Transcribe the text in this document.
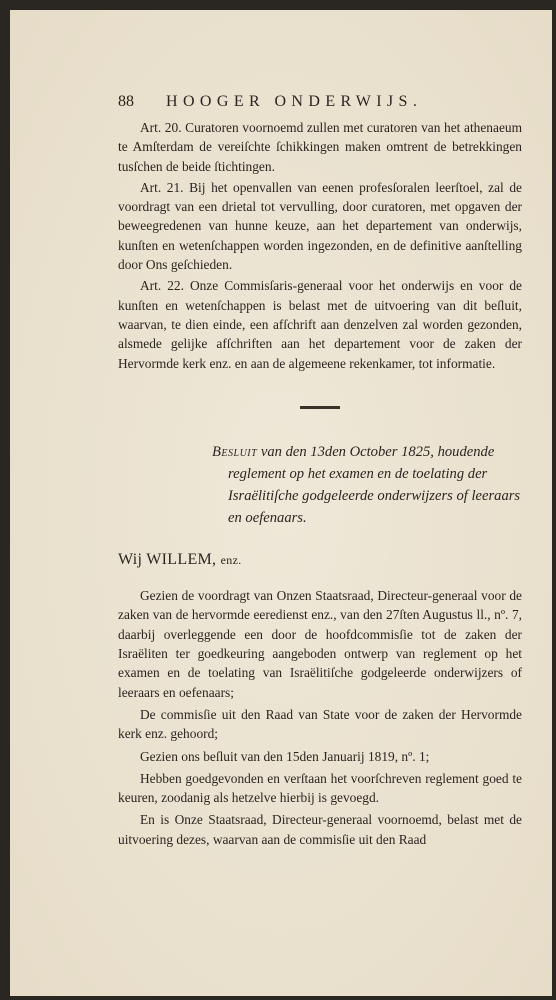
88	HOOGER ONDERWIJS.

Art. 20. Curatoren voornoemd zullen met curatoren van het athenaeum te Amſterdam de vereiſchte ſchikkingen maken omtrent de betrekkingen tusſchen de beide ſtichtingen.

Art. 21. Bij het openvallen van eenen profesſoralen leerſtoel, zal de voordragt van een drietal tot vervulling, door curatoren, met opgaven der beweegredenen van hunne keuze, aan het departement van onderwijs, kunſten en wetenſchappen worden ingezonden, en de definitive aanſtelling door Ons geſchieden.

Art. 22. Onze Commisſaris-generaal voor het onderwijs en voor de kunſten en wetenſchappen is belast met de uitvoering van dit beſluit, waarvan, te dien einde, een afſchrift aan denzelven zal worden gezonden, alsmede gelijke afſchriften aan het departement voor de zaken der Hervormde kerk enz. en aan de algemeene rekenkamer, tot informatie.

Besluit van den 13den October 1825, houdende reglement op het examen en de toelating der Israëlitiſche godgeleerde onderwijzers of leeraars en oefenaars.

Wij WILLEM, enz.

Gezien de voordragt van Onzen Staatsraad, Directeur-generaal voor de zaken van de hervormde eeredienst enz., van den 27ſten Augustus ll., nº. 7, daarbij overleggende een door de hoofdcommisſie tot de zaken der Israëliten ter goedkeuring aangeboden ontwerp van reglement op het examen en de toelating van Israëlitiſche godgeleerde onderwijzers of leeraars en oefenaars;

De commisſie uit den Raad van State voor de zaken der Hervormde kerk enz. gehoord;

Gezien ons beſluit van den 15den Januarij 1819, nº. 1;

Hebben goedgevonden en verſtaan het voorſchreven reglement goed te keuren, zoodanig als hetzelve hierbij is gevoegd.

En is Onze Staatsraad, Directeur-generaal voornoemd, belast met de uitvoering dezes, waarvan aan de commisſie uit den Raad
